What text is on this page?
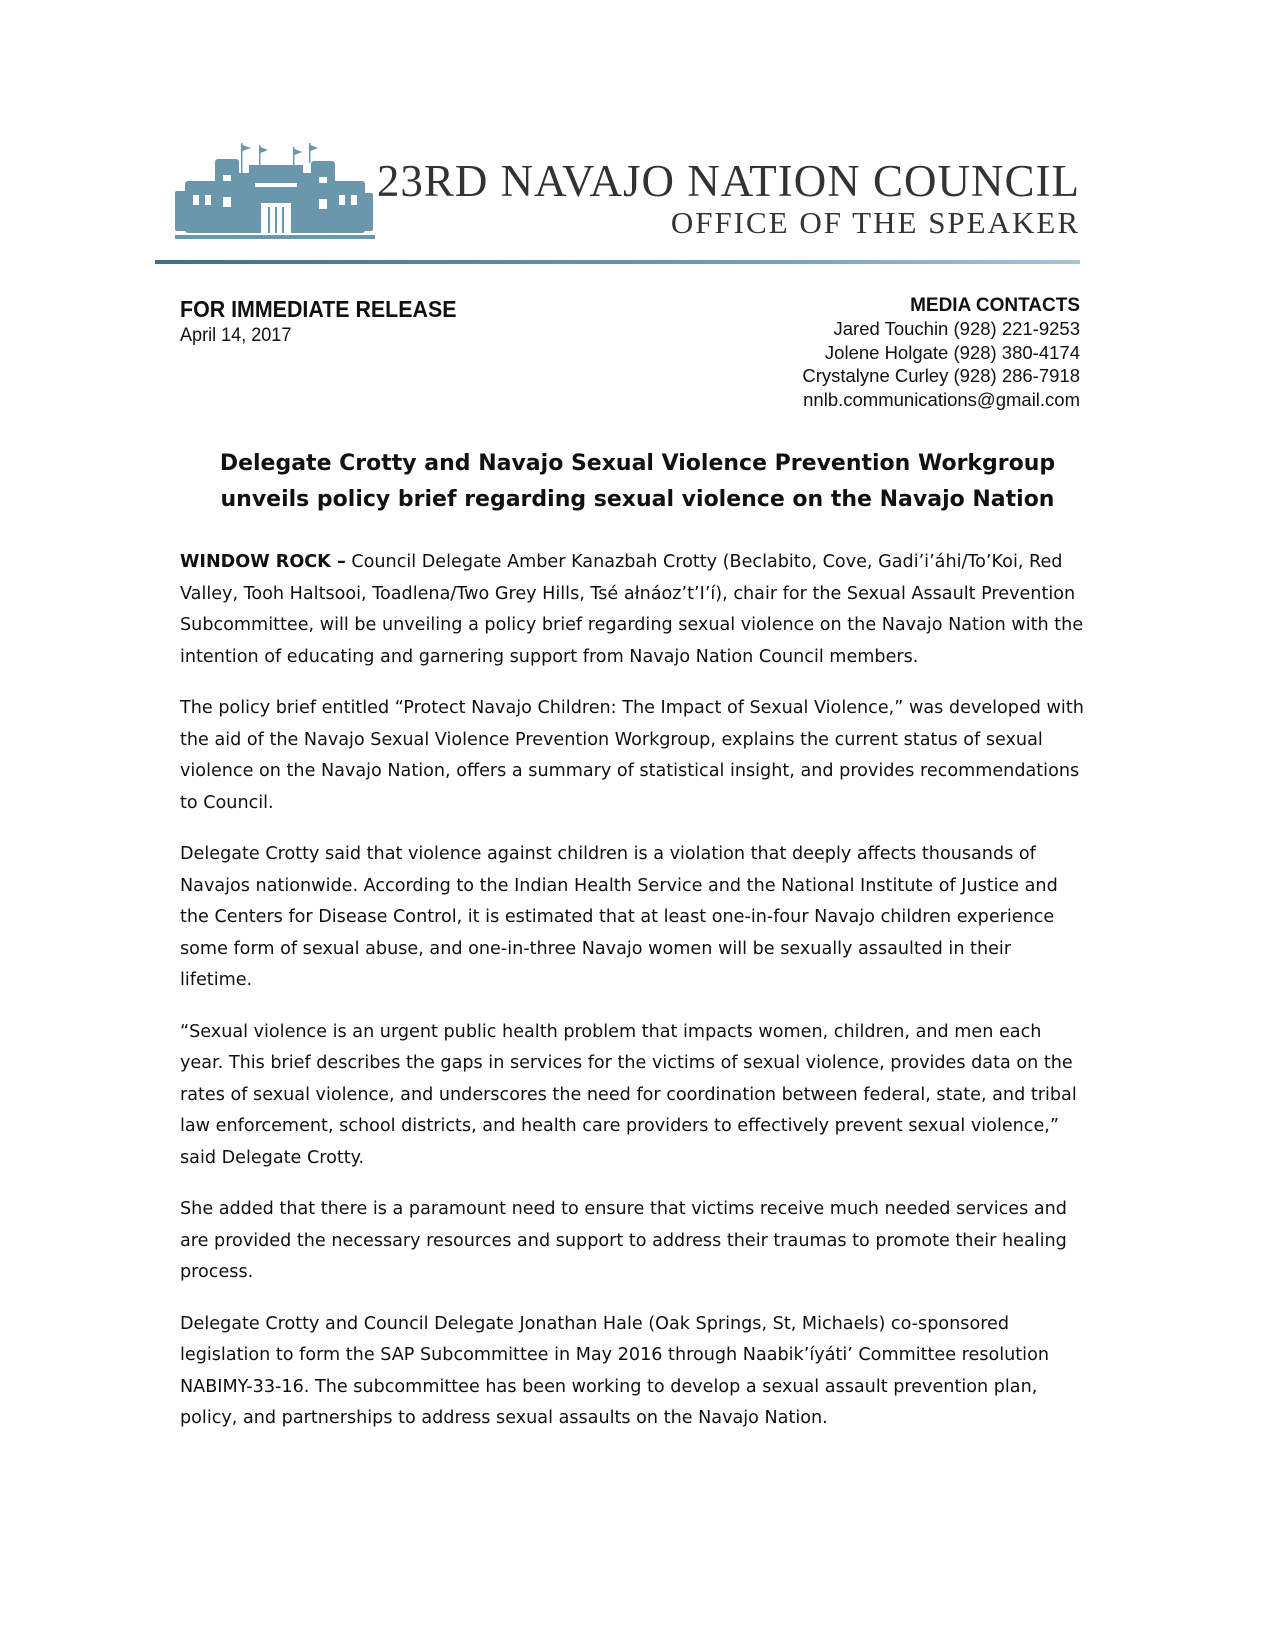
23RD NAVAJO NATION COUNCIL
OFFICE OF THE SPEAKER
FOR IMMEDIATE RELEASE
April 14, 2017
MEDIA CONTACTS
Jared Touchin (928) 221-9253
Jolene Holgate (928) 380-4174
Crystalyne Curley (928) 286-7918
nnlb.communications@gmail.com
Delegate Crotty and Navajo Sexual Violence Prevention Workgroup
unveils policy brief regarding sexual violence on the Navajo Nation

WINDOW ROCK – Council Delegate Amber Kanazbah Crotty (Beclabito, Cove, Gadi’i’áhi/To’Koi, Red Valley, Tooh Haltsooi, Toadlena/Two Grey Hills, Tsé ałnáoz’t’I’í), chair for the Sexual Assault Prevention Subcommittee, will be unveiling a policy brief regarding sexual violence on the Navajo Nation with the intention of educating and garnering support from Navajo Nation Council members.

The policy brief entitled “Protect Navajo Children: The Impact of Sexual Violence,” was developed with the aid of the Navajo Sexual Violence Prevention Workgroup, explains the current status of sexual violence on the Navajo Nation, offers a summary of statistical insight, and provides recommendations to Council.

Delegate Crotty said that violence against children is a violation that deeply affects thousands of Navajos nationwide. According to the Indian Health Service and the National Institute of Justice and the Centers for Disease Control, it is estimated that at least one-in-four Navajo children experience some form of sexual abuse, and one-in-three Navajo women will be sexually assaulted in their lifetime.

“Sexual violence is an urgent public health problem that impacts women, children, and men each year. This brief describes the gaps in services for the victims of sexual violence, provides data on the rates of sexual violence, and underscores the need for coordination between federal, state, and tribal law enforcement, school districts, and health care providers to effectively prevent sexual violence,” said Delegate Crotty.

She added that there is a paramount need to ensure that victims receive much needed services and are provided the necessary resources and support to address their traumas to promote their healing process.

Delegate Crotty and Council Delegate Jonathan Hale (Oak Springs, St, Michaels) co-sponsored legislation to form the SAP Subcommittee in May 2016 through Naabik’íyáti’ Committee resolution NABIMY-33-16. The subcommittee has been working to develop a sexual assault prevention plan, policy, and partnerships to address sexual assaults on the Navajo Nation.
